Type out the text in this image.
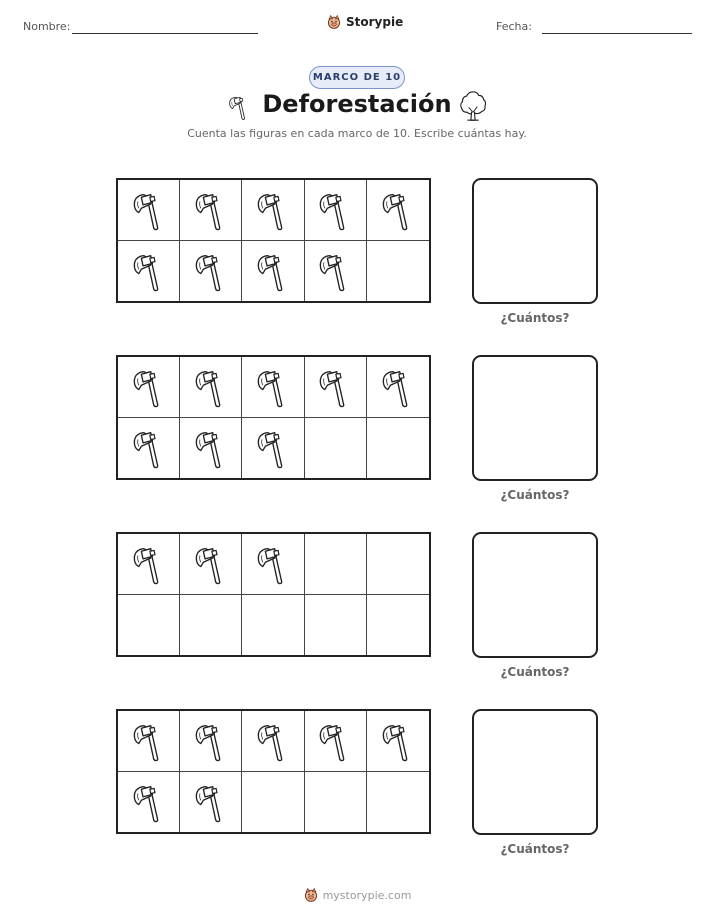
Nombre:	Storypie	Fecha:
MARCO DE 10
Deforestación
Cuenta las figuras en cada marco de 10. Escribe cuántas hay.
¿Cuántos?
¿Cuántos?
¿Cuántos?
¿Cuántos?
mystorypie.com
